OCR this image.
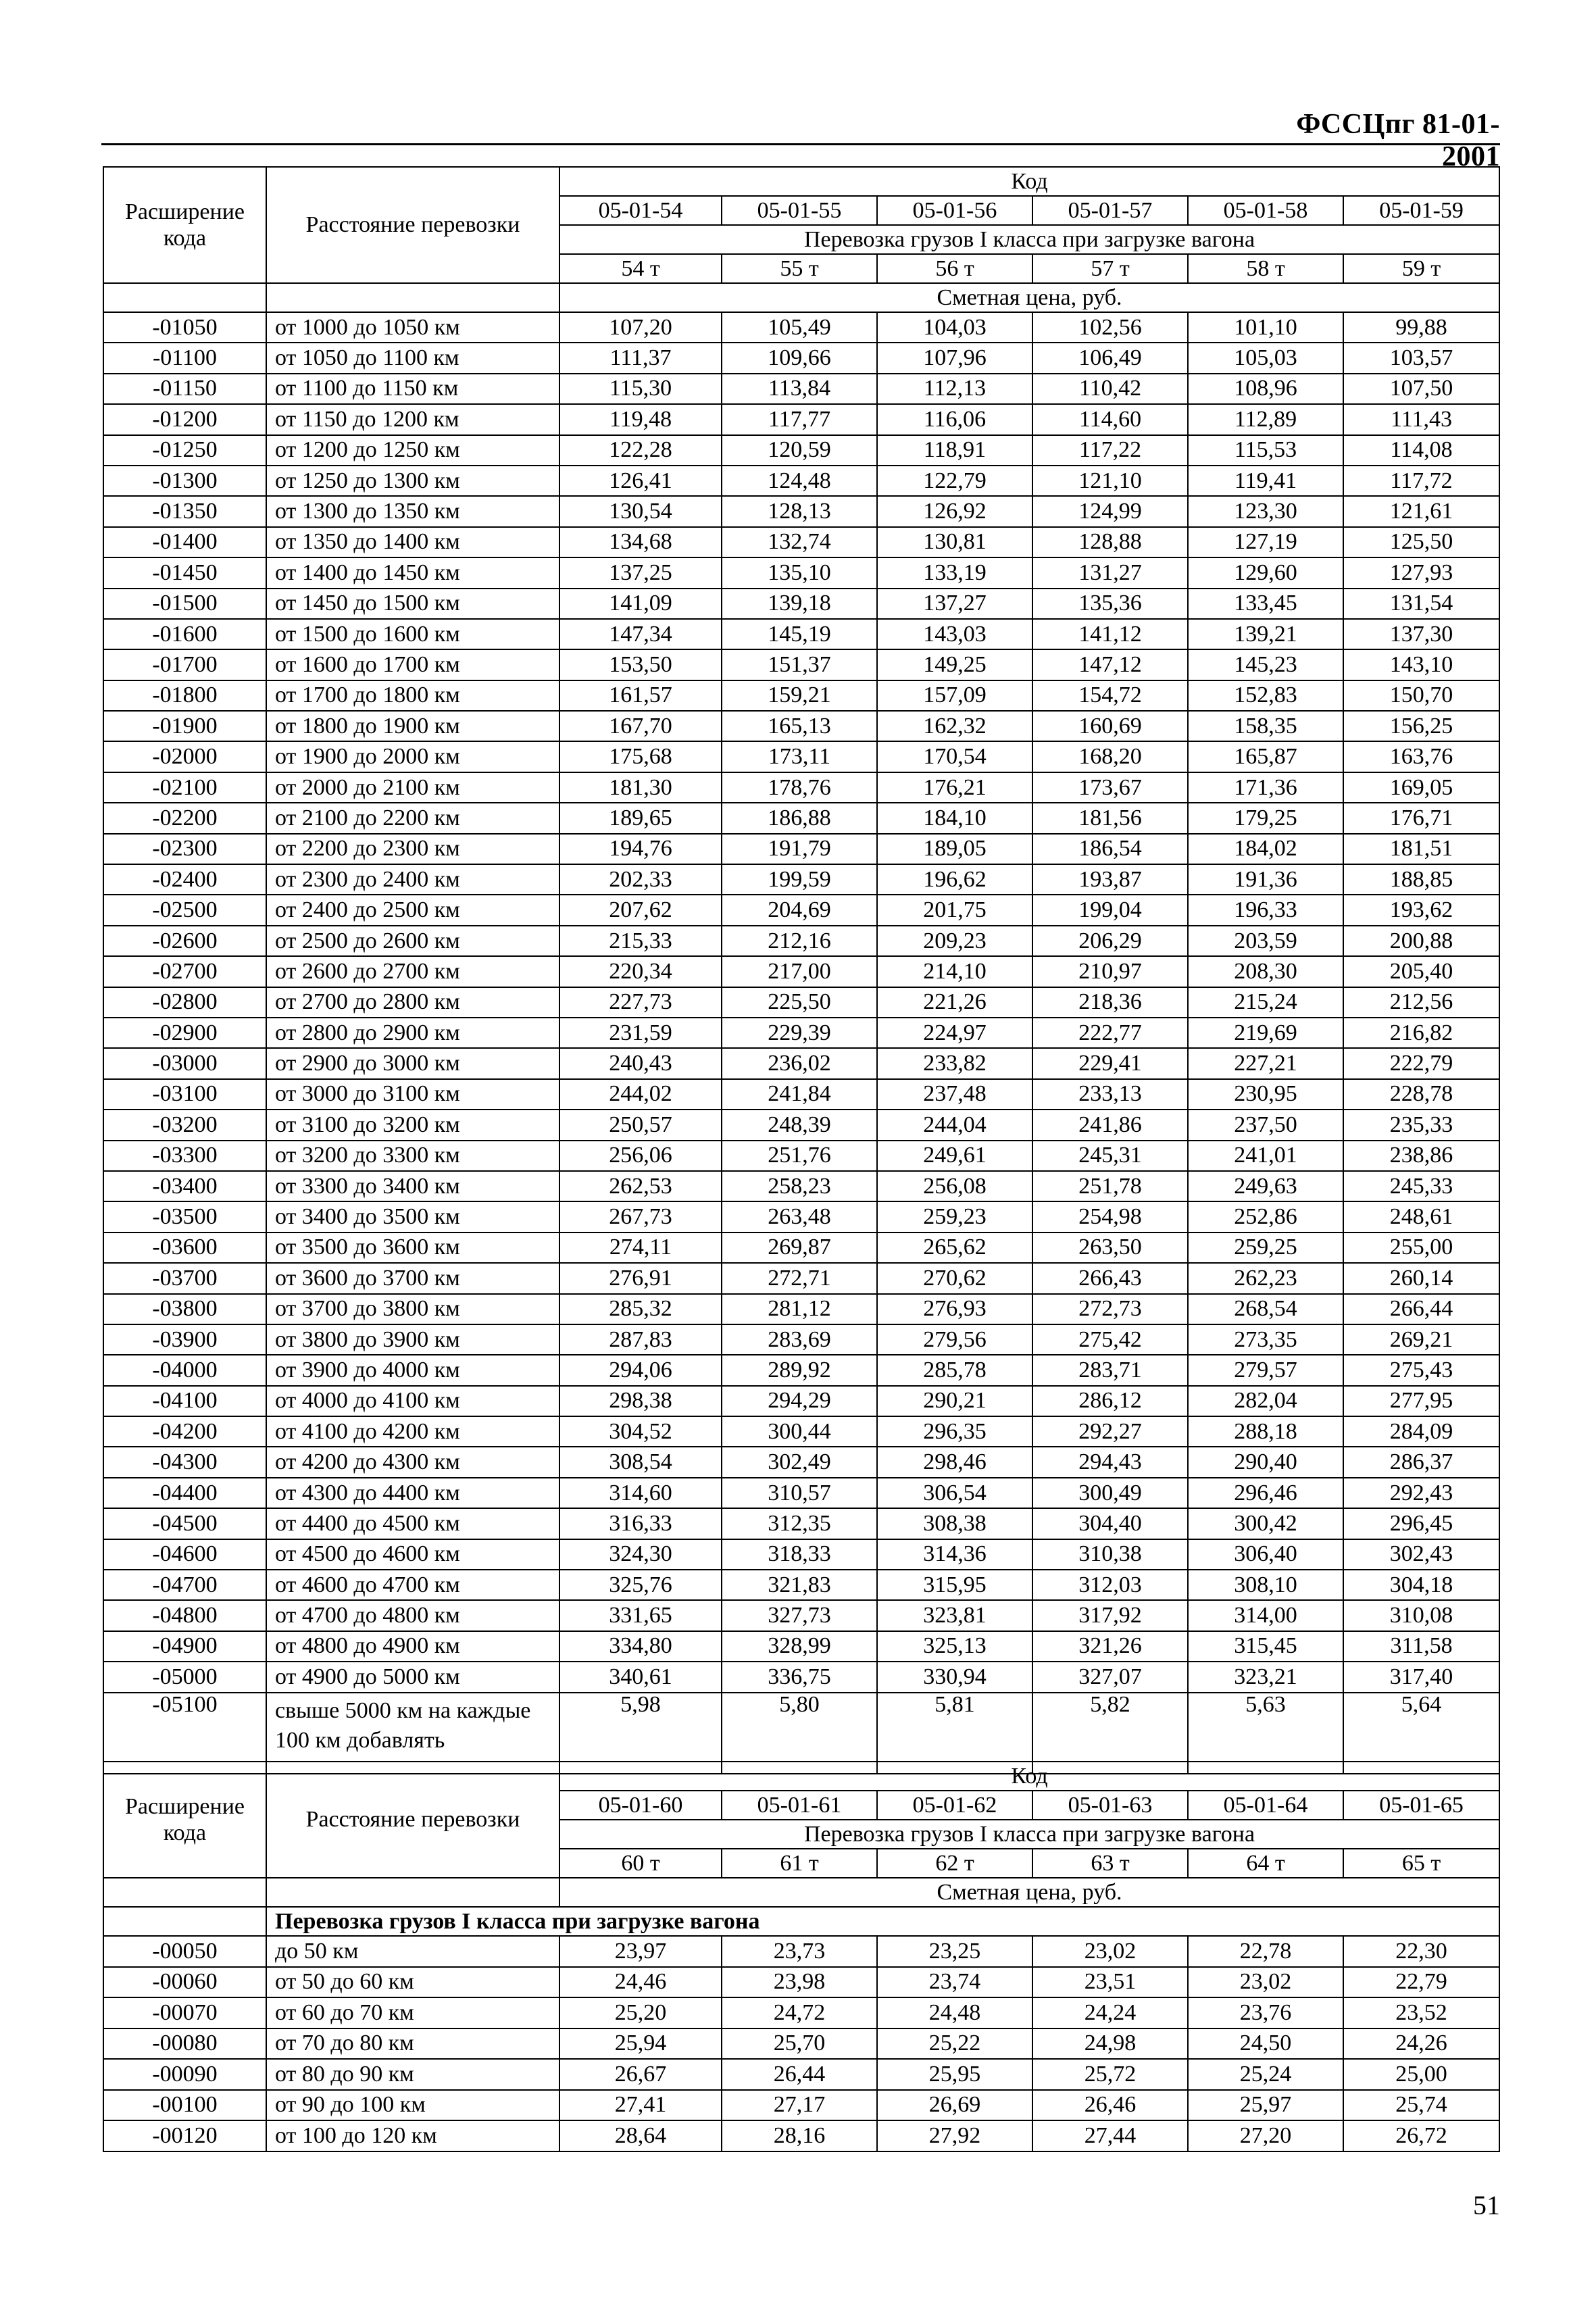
ФССЦпг 81-01-2001
Расширение кода	Расстояние перевозки	Код					
		05-01-54	05-01-55	05-01-56	05-01-57	05-01-58	05-01-59
		Перевозка грузов I класса при загрузке вагона					
		54 т	55 т	56 т	57 т	58 т	59 т
		Сметная цена, руб.					
-01050	от 1000 до 1050 км	107,20	105,49	104,03	102,56	101,10	99,88
-01100	от 1050 до 1100 км	111,37	109,66	107,96	106,49	105,03	103,57
-01150	от 1100 до 1150 км	115,30	113,84	112,13	110,42	108,96	107,50
-01200	от 1150 до 1200 км	119,48	117,77	116,06	114,60	112,89	111,43
-01250	от 1200 до 1250 км	122,28	120,59	118,91	117,22	115,53	114,08
-01300	от 1250 до 1300 км	126,41	124,48	122,79	121,10	119,41	117,72
-01350	от 1300 до 1350 км	130,54	128,13	126,92	124,99	123,30	121,61
-01400	от 1350 до 1400 км	134,68	132,74	130,81	128,88	127,19	125,50
-01450	от 1400 до 1450 км	137,25	135,10	133,19	131,27	129,60	127,93
-01500	от 1450 до 1500 км	141,09	139,18	137,27	135,36	133,45	131,54
-01600	от 1500 до 1600 км	147,34	145,19	143,03	141,12	139,21	137,30
-01700	от 1600 до 1700 км	153,50	151,37	149,25	147,12	145,23	143,10
-01800	от 1700 до 1800 км	161,57	159,21	157,09	154,72	152,83	150,70
-01900	от 1800 до 1900 км	167,70	165,13	162,32	160,69	158,35	156,25
-02000	от 1900 до 2000 км	175,68	173,11	170,54	168,20	165,87	163,76
-02100	от 2000 до 2100 км	181,30	178,76	176,21	173,67	171,36	169,05
-02200	от 2100 до 2200 км	189,65	186,88	184,10	181,56	179,25	176,71
-02300	от 2200 до 2300 км	194,76	191,79	189,05	186,54	184,02	181,51
-02400	от 2300 до 2400 км	202,33	199,59	196,62	193,87	191,36	188,85
-02500	от 2400 до 2500 км	207,62	204,69	201,75	199,04	196,33	193,62
-02600	от 2500 до 2600 км	215,33	212,16	209,23	206,29	203,59	200,88
-02700	от 2600 до 2700 км	220,34	217,00	214,10	210,97	208,30	205,40
-02800	от 2700 до 2800 км	227,73	225,50	221,26	218,36	215,24	212,56
-02900	от 2800 до 2900 км	231,59	229,39	224,97	222,77	219,69	216,82
-03000	от 2900 до 3000 км	240,43	236,02	233,82	229,41	227,21	222,79
-03100	от 3000 до 3100 км	244,02	241,84	237,48	233,13	230,95	228,78
-03200	от 3100 до 3200 км	250,57	248,39	244,04	241,86	237,50	235,33
-03300	от 3200 до 3300 км	256,06	251,76	249,61	245,31	241,01	238,86
-03400	от 3300 до 3400 км	262,53	258,23	256,08	251,78	249,63	245,33
-03500	от 3400 до 3500 км	267,73	263,48	259,23	254,98	252,86	248,61
-03600	от 3500 до 3600 км	274,11	269,87	265,62	263,50	259,25	255,00
-03700	от 3600 до 3700 км	276,91	272,71	270,62	266,43	262,23	260,14
-03800	от 3700 до 3800 км	285,32	281,12	276,93	272,73	268,54	266,44
-03900	от 3800 до 3900 км	287,83	283,69	279,56	275,42	273,35	269,21
-04000	от 3900 до 4000 км	294,06	289,92	285,78	283,71	279,57	275,43
-04100	от 4000 до 4100 км	298,38	294,29	290,21	286,12	282,04	277,95
-04200	от 4100 до 4200 км	304,52	300,44	296,35	292,27	288,18	284,09
-04300	от 4200 до 4300 км	308,54	302,49	298,46	294,43	290,40	286,37
-04400	от 4300 до 4400 км	314,60	310,57	306,54	300,49	296,46	292,43
-04500	от 4400 до 4500 км	316,33	312,35	308,38	304,40	300,42	296,45
-04600	от 4500 до 4600 км	324,30	318,33	314,36	310,38	306,40	302,43
-04700	от 4600 до 4700 км	325,76	321,83	315,95	312,03	308,10	304,18
-04800	от 4700 до 4800 км	331,65	327,73	323,81	317,92	314,00	310,08
-04900	от 4800 до 4900 км	334,80	328,99	325,13	321,26	315,45	311,58
-05000	от 4900 до 5000 км	340,61	336,75	330,94	327,07	323,21	317,40
-05100	свыше 5000 км на каждые 100 км добавлять	5,98	5,80	5,81	5,82	5,63	5,64
Расширение кода	Расстояние перевозки	Код					
		05-01-60	05-01-61	05-01-62	05-01-63	05-01-64	05-01-65
		Перевозка грузов I класса при загрузке вагона					
		60 т	61 т	62 т	63 т	64 т	65 т
		Сметная цена, руб.					
	Перевозка грузов I класса при загрузке вагона						
-00050	до 50 км	23,97	23,73	23,25	23,02	22,78	22,30
-00060	от 50 до 60 км	24,46	23,98	23,74	23,51	23,02	22,79
-00070	от 60 до 70 км	25,20	24,72	24,48	24,24	23,76	23,52
-00080	от 70 до 80 км	25,94	25,70	25,22	24,98	24,50	24,26
-00090	от 80 до 90 км	26,67	26,44	25,95	25,72	25,24	25,00
-00100	от 90 до 100 км	27,41	27,17	26,69	26,46	25,97	25,74
-00120	от 100 до 120 км	28,64	28,16	27,92	27,44	27,20	26,72
51
